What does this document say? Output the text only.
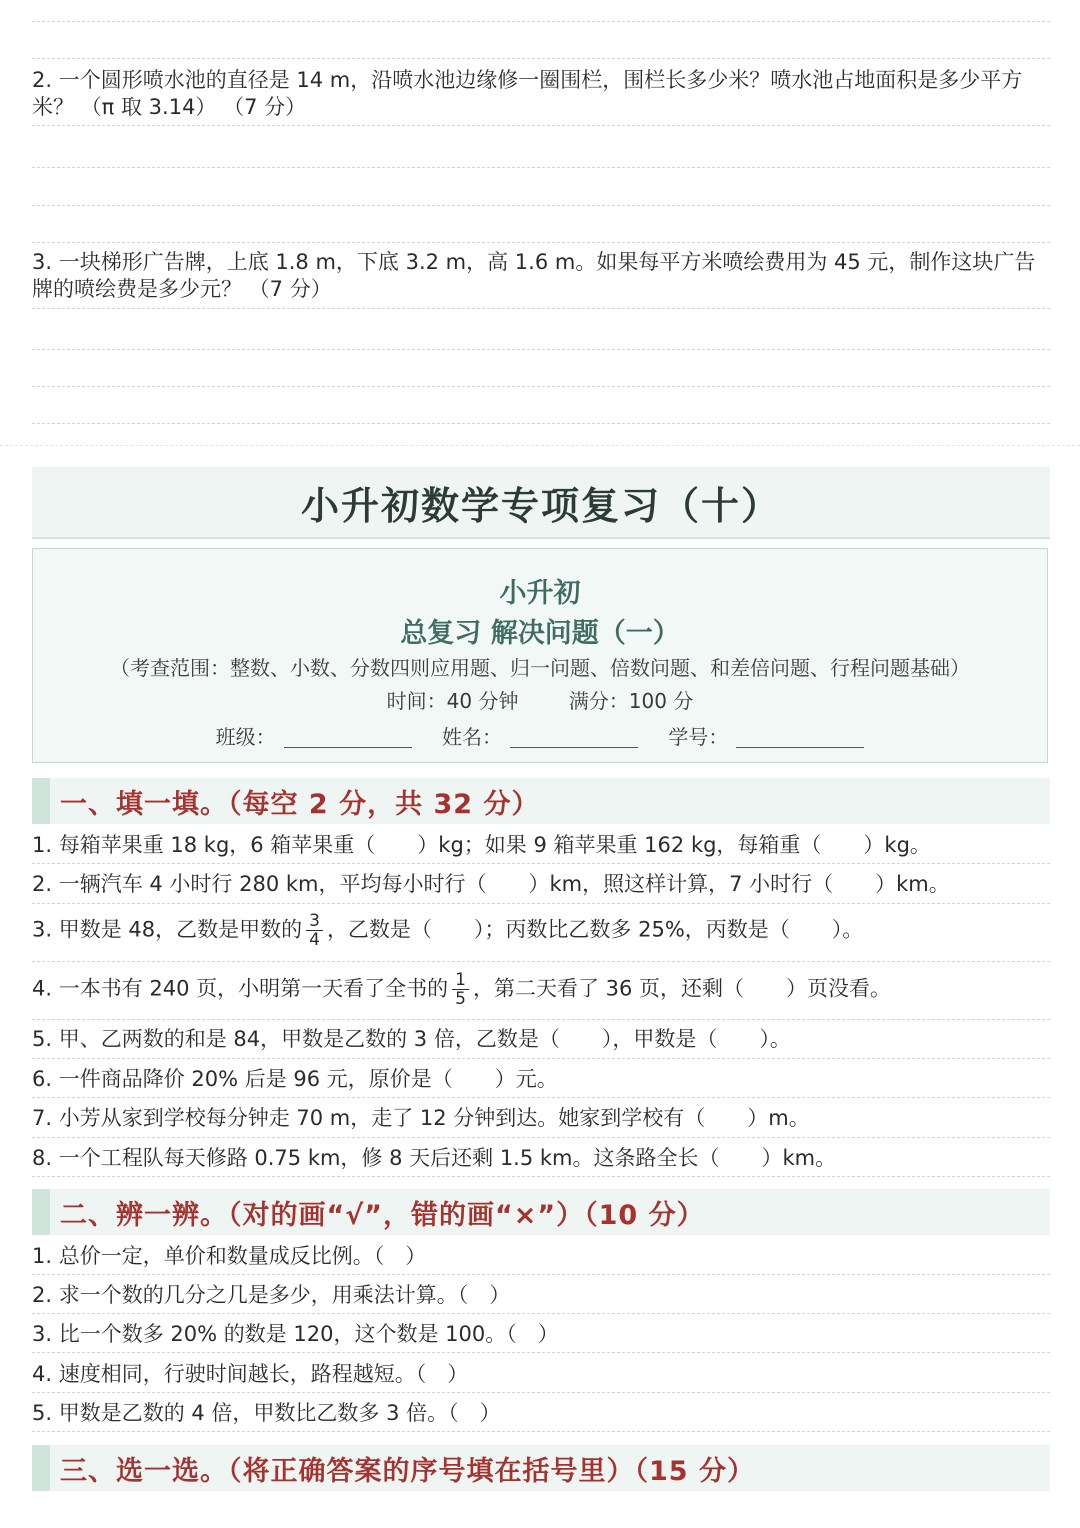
2. 一个圆形喷水池的直径是 14 m，沿喷水池边缘修一圈围栏，围栏长多少米？喷水池占地面积是多少平方米？ （π 取 3.14） （7 分）
3. 一块梯形广告牌，上底 1.8 m，下底 3.2 m，高 1.6 m。如果每平方米喷绘费用为 45 元，制作这块广告牌的喷绘费是多少元？ （7 分）
小升初数学专项复习（十）
小升初
总复习 解决问题（一）
（考查范围：整数、小数、分数四则应用题、归一问题、倍数问题、和差倍问题、行程问题基础）
时间：40 分钟	满分：100 分
班级：	姓名：	学号：
一、填一填。（每空 2 分，共 32 分）
1. 每箱苹果重 18 kg，6 箱苹果重（　　）kg；如果 9 箱苹果重 162 kg，每箱重（　　）kg。
2. 一辆汽车 4 小时行 280 km，平均每小时行（　　）km，照这样计算，7 小时行（　　）km。
3. 甲数是 48，乙数是甲数的 $\frac{3}{4}$ ，乙数是（　　）；丙数比乙数多 25%，丙数是（　　）。
4. 一本书有 240 页，小明第一天看了全书的 $\frac{1}{5}$ ，第二天看了 36 页，还剩（　　）页没看。
5. 甲、乙两数的和是 84，甲数是乙数的 3 倍，乙数是（　　），甲数是（　　）。
6. 一件商品降价 20% 后是 96 元，原价是（　　）元。
7. 小芳从家到学校每分钟走 70 m，走了 12 分钟到达。她家到学校有（　　）m。
8. 一个工程队每天修路 0.75 km，修 8 天后还剩 1.5 km。这条路全长（　　）km。
二、辨一辨。（对的画“√”，错的画“×”）（10 分）
1. 总价一定，单价和数量成反比例。（　）
2. 求一个数的几分之几是多少，用乘法计算。（　）
3. 比一个数多 20% 的数是 120，这个数是 100。（　）
4. 速度相同，行驶时间越长，路程越短。（　）
5. 甲数是乙数的 4 倍，甲数比乙数多 3 倍。（　）
三、选一选。（将正确答案的序号填在括号里）（15 分）
